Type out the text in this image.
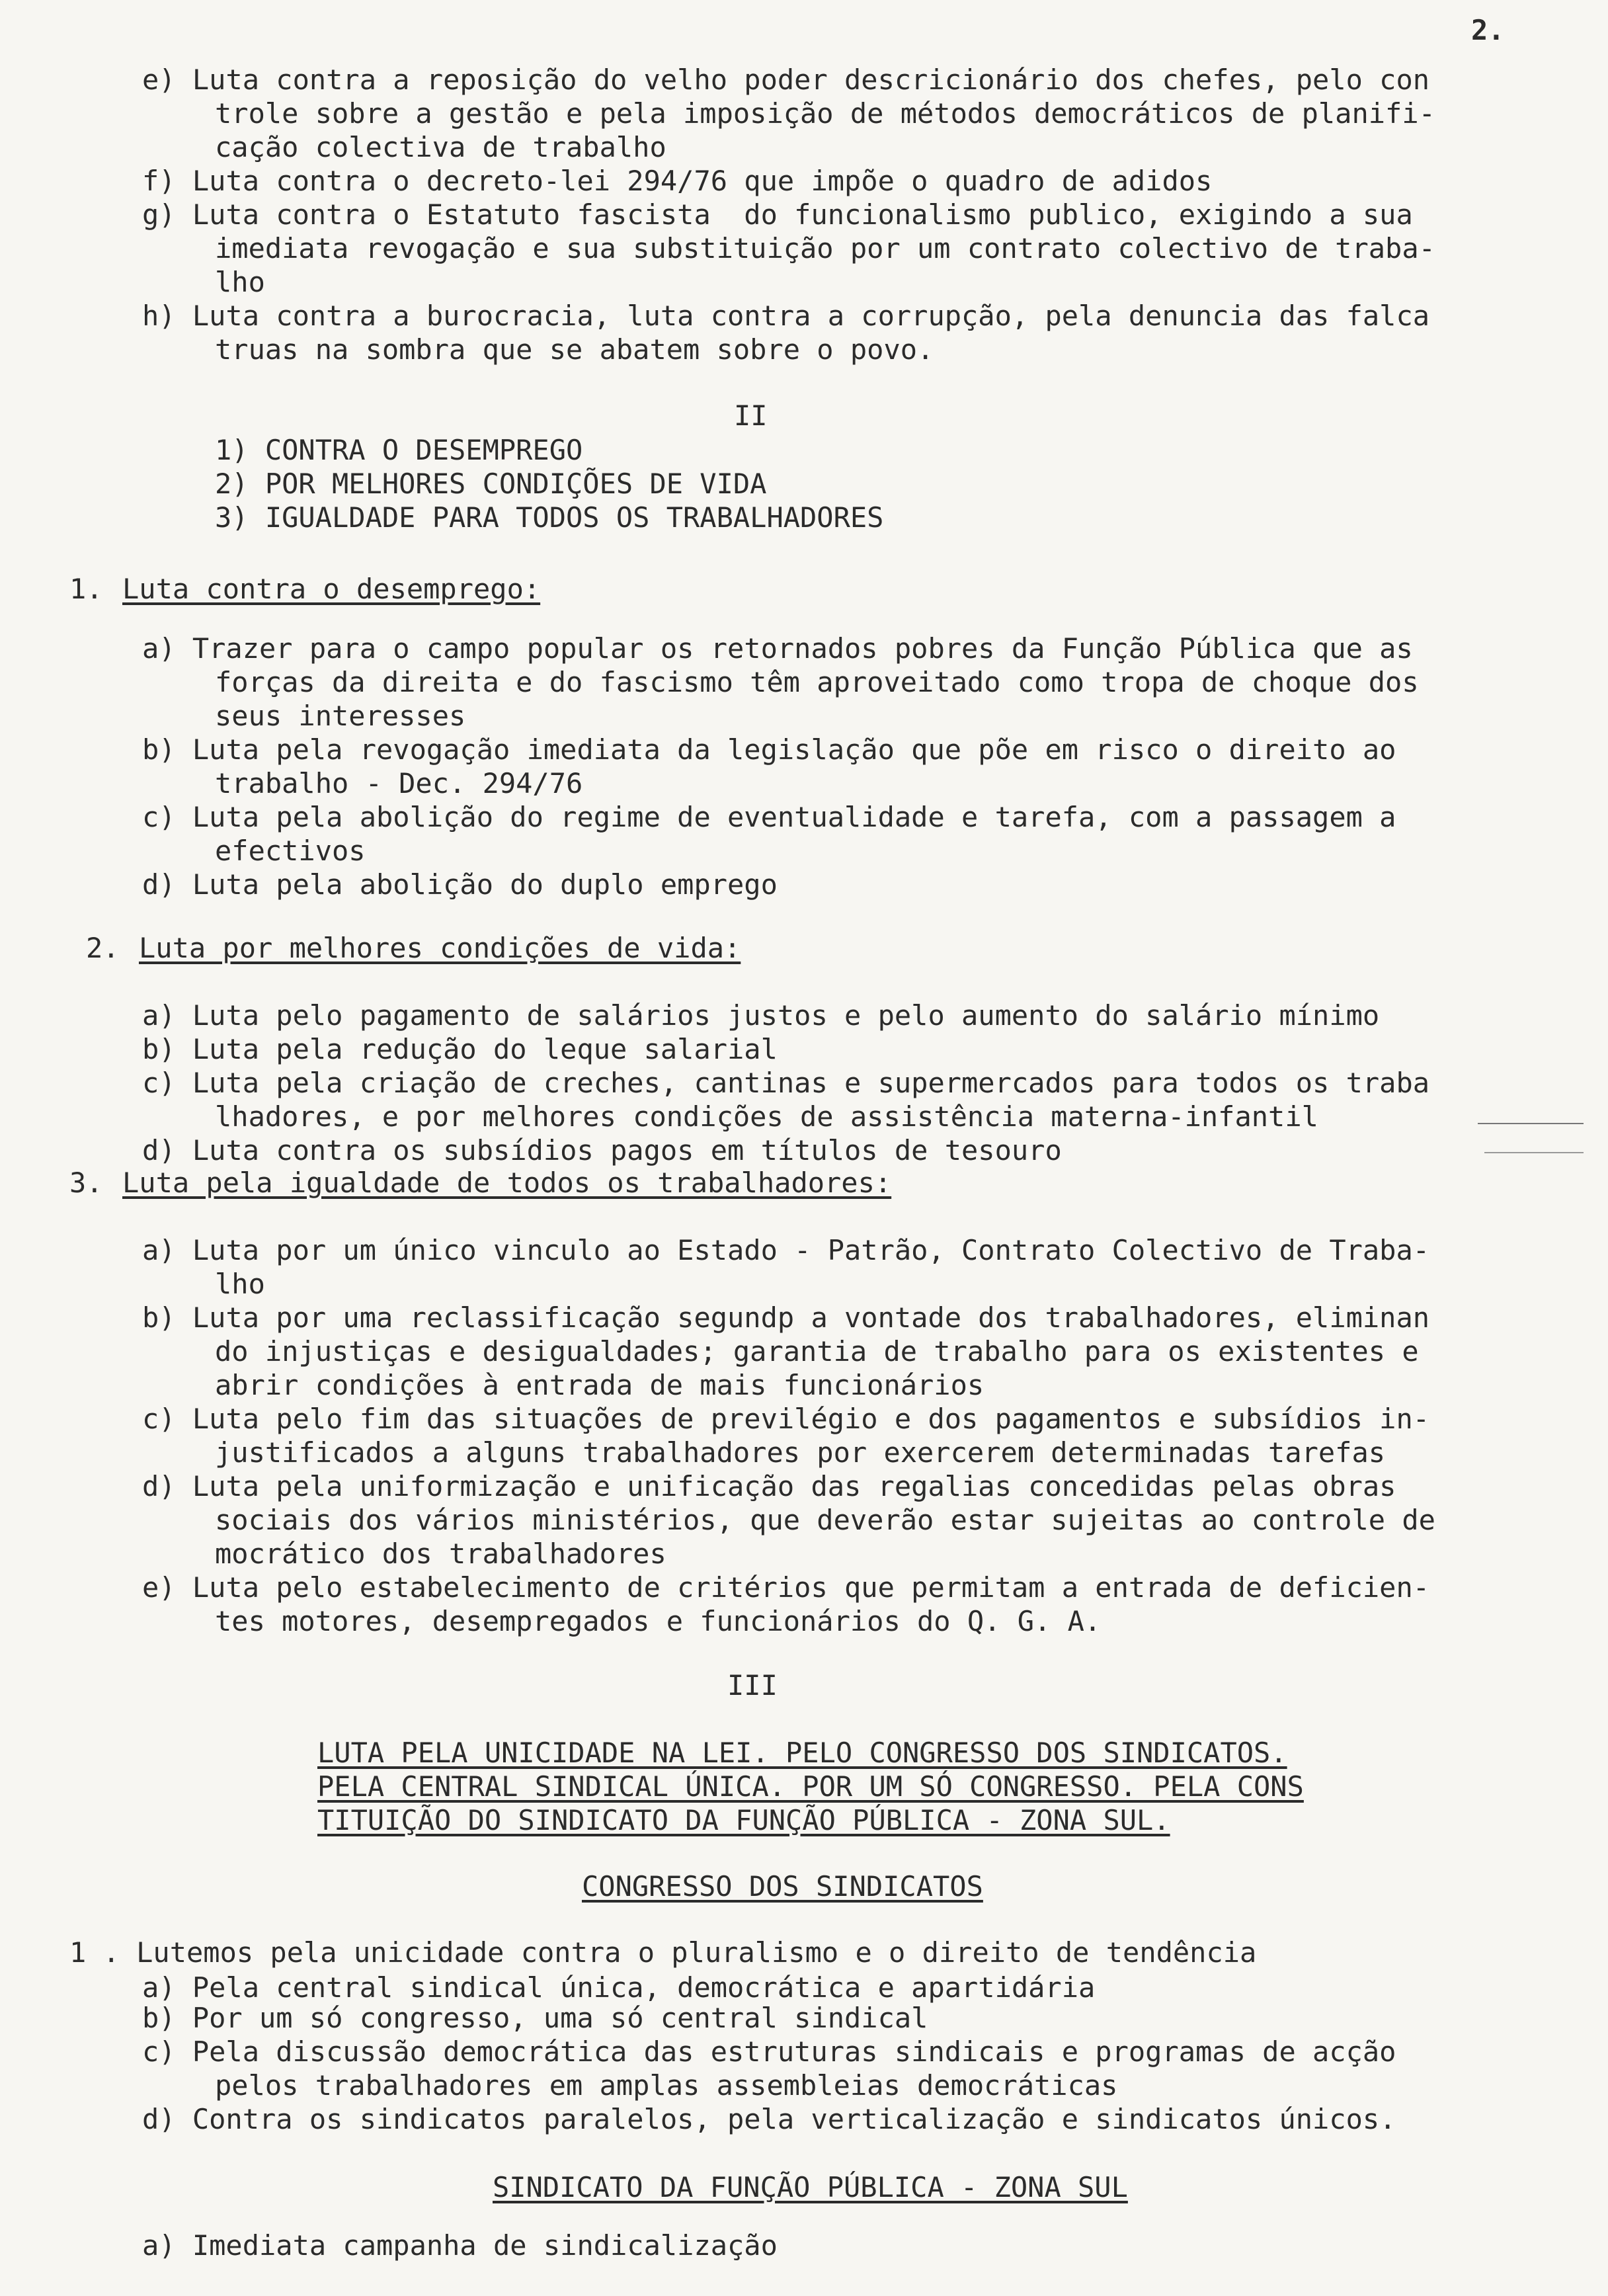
2.
e) Luta contra a reposição do velho poder descricionário dos chefes, pelo con
trole sobre a gestão e pela imposição de métodos democráticos de planifi-
cação colectiva de trabalho
f) Luta contra o decreto-lei 294/76 que impõe o quadro de adidos
g) Luta contra o Estatuto fascista  do funcionalismo publico, exigindo a sua
imediata revogação e sua substituição por um contrato colectivo de traba-
lho
h) Luta contra a burocracia, luta contra a corrupção, pela denuncia das falca
truas na sombra que se abatem sobre o povo.
II
1) CONTRA O DESEMPREGO
2) POR MELHORES CONDIÇÕES DE VIDA
3) IGUALDADE PARA TODOS OS TRABALHADORES
1. Luta contra o desemprego:
a) Trazer para o campo popular os retornados pobres da Função Pública que as
forças da direita e do fascismo têm aproveitado como tropa de choque dos
seus interesses
b) Luta pela revogação imediata da legislação que põe em risco o direito ao
trabalho - Dec. 294/76
c) Luta pela abolição do regime de eventualidade e tarefa, com a passagem a
efectivos
d) Luta pela abolição do duplo emprego
2. Luta por melhores condições de vida:
a) Luta pelo pagamento de salários justos e pelo aumento do salário mínimo
b) Luta pela redução do leque salarial
c) Luta pela criação de creches, cantinas e supermercados para todos os traba
lhadores, e por melhores condições de assistência materna-infantil
d) Luta contra os subsídios pagos em títulos de tesouro
3. Luta pela igualdade de todos os trabalhadores:
a) Luta por um único vinculo ao Estado - Patrão, Contrato Colectivo de Traba-
lho
b) Luta por uma reclassificação segundp a vontade dos trabalhadores, eliminan
do injustiças e desigualdades; garantia de trabalho para os existentes e
abrir condições à entrada de mais funcionários
c) Luta pelo fim das situações de previlégio e dos pagamentos e subsídios in-
justificados a alguns trabalhadores por exercerem determinadas tarefas
d) Luta pela uniformização e unificação das regalias concedidas pelas obras
sociais dos vários ministérios, que deverão estar sujeitas ao controle de
mocrático dos trabalhadores
e) Luta pelo estabelecimento de critérios que permitam a entrada de deficien-
tes motores, desempregados e funcionários do Q. G. A.
III
LUTA PELA UNICIDADE NA LEI. PELO CONGRESSO DOS SINDICATOS.
PELA CENTRAL SINDICAL ÚNICA. POR UM SÓ CONGRESSO. PELA CONS
TITUIÇÃO DO SINDICATO DA FUNÇÃO PÚBLICA - ZONA SUL.
CONGRESSO DOS SINDICATOS
1 . Lutemos pela unicidade contra o pluralismo e o direito de tendência
a) Pela central sindical única, democrática e apartidária
b) Por um só congresso, uma só central sindical
c) Pela discussão democrática das estruturas sindicais e programas de acção
pelos trabalhadores em amplas assembleias democráticas
d) Contra os sindicatos paralelos, pela verticalização e sindicatos únicos.
SINDICATO DA FUNÇÃO PÚBLICA - ZONA SUL
a) Imediata campanha de sindicalização
